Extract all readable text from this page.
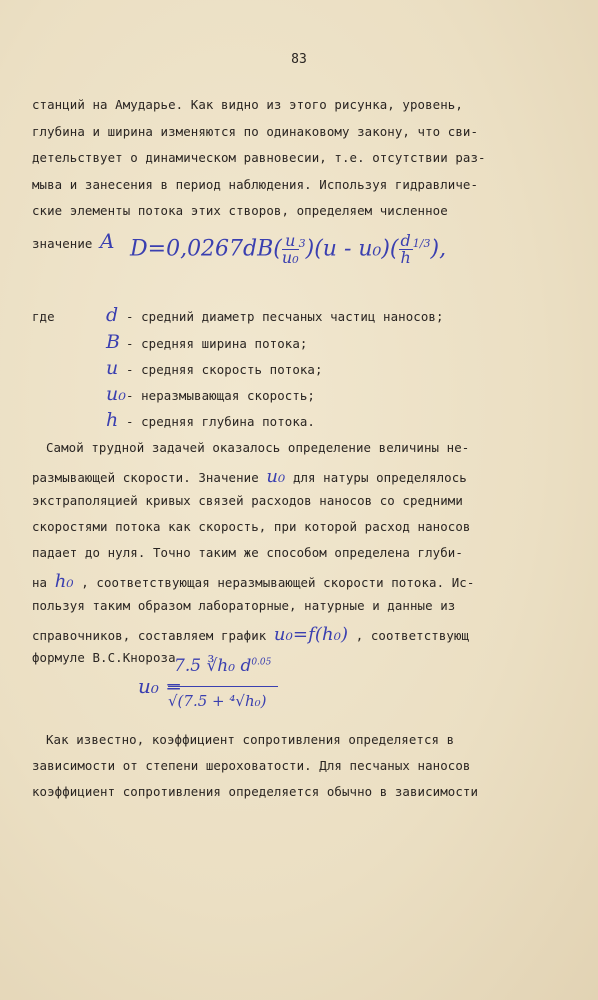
83
станций на Амударье. Как видно из этого рисунка, уровень,
глубина и ширина изменяются по одинаковому закону, что сви-
детельствует о динамическом равновесии, т.е. отсутствии раз-
мыва и занесения в период наблюдения. Используя гидравличе-
ские элементы потока этих створов, определяем численное
значение A $D=0,0267dB( \frac{u}{\text{u₀}} ^3)(u - u_0)( \frac{d}{h} ^{1/3})$,
где	d - средний диаметр песчаных частиц наносов;
B - средняя ширина потока;
u - средняя скорость потока;
u₀- неразмывающая скорость;
h - средняя глубина потока.
Самой трудной задачей оказалось определение величины не-
размывающей скорости. Значение u₀ для натуры определялось
экстраполяцией кривых связей расходов наносов со средними
скоростями потока как скорость, при которой расход наносов
падает до нуля. Точно таким же способом определена глуби-
на h₀ , соответствующая неразмывающей скорости потока. Ис-
пользуя таким образом лабораторные, натурные и данные из
справочников, составляем график u₀=f(h₀) , соответствующ
формуле В.С.Кнороза
u₀ =
7.5 ∛h₀ $d^{0.05}$
√(7.5 + ⁴√h₀)
Как известно, коэффициент сопротивления определяется в
зависимости от степени шероховатости. Для песчаных наносов
коэффициент сопротивления определяется обычно в зависимости
